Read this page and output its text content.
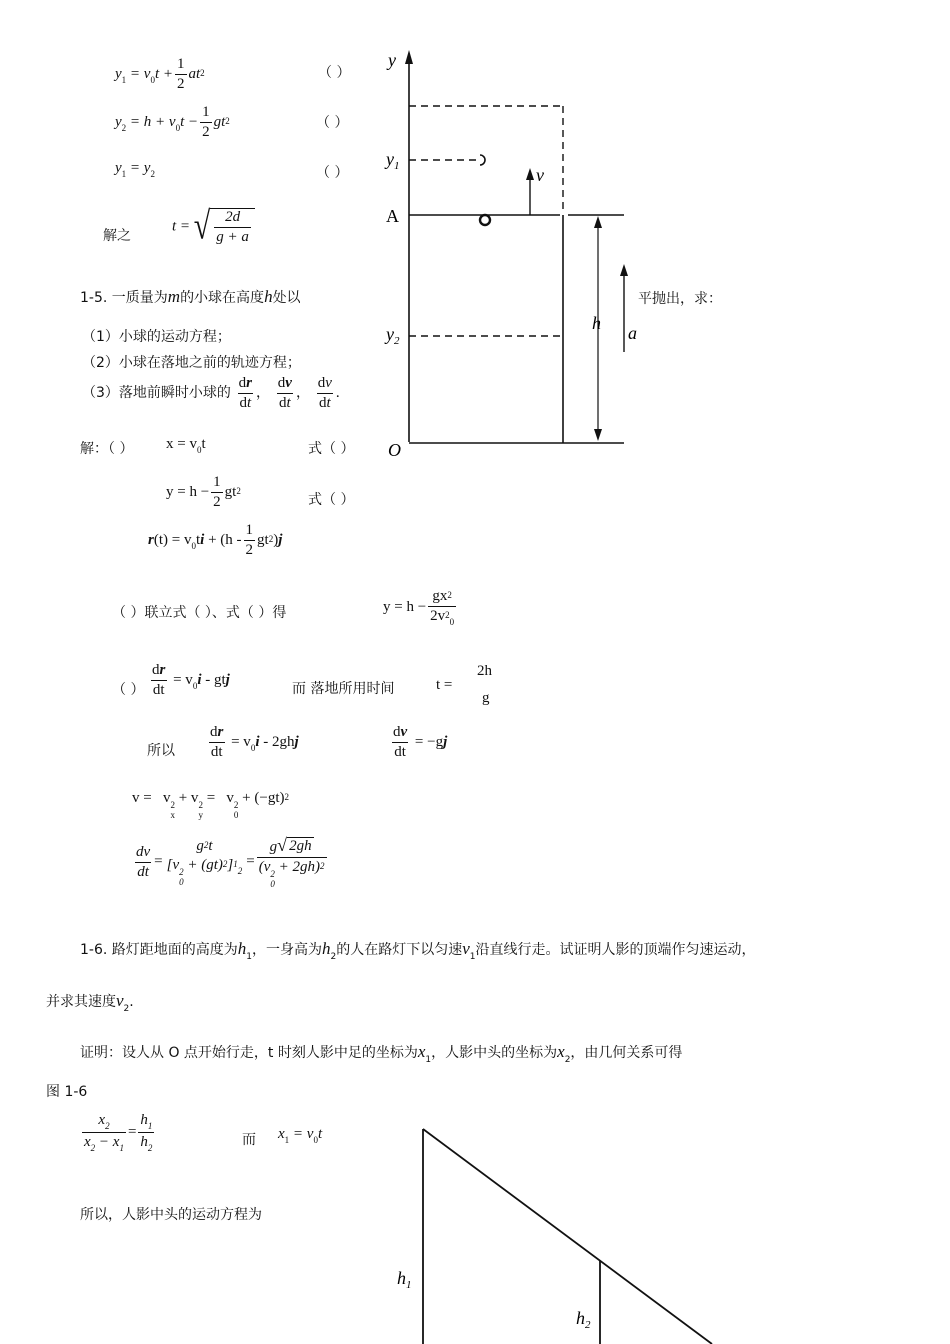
$y_1 = v_0t + \frac{1}{2} at^2$	（ ）
$y_2 = h + v_0t - \frac{1}{2} gt^2$	（ ）
$y_1 = y_2$	（ ）
解之
t = √ $\frac{2d}{g + a}$
1-5. 一质量为m的小球在高度h处以	平抛出，求：
（1）小球的运动方程；
（2）小球在落地之前的轨迹方程；
（3）落地前瞬时小球的 $\frac{dr}{dt}$ ， $\frac{dv}{dt}$ ， $\frac{dv}{dt}$ .
解：（ ） $x = v_0t$	式（ ）
$y = h - \frac{1}{2} gt^2$
式（ ）
$r(t) = v_0ti + (h - \frac{1}{2} gt^2)j$
（ ）联立式（ ）、式（ ）得	$y = h - \frac{gx^2}{2v^2_0}$
（ ） $\frac{dr}{dt} = v_0i$ - gtj
而 落地所用时间	t =
2h
g
所以 $\frac{dr}{dt} = v_0i - 2ghj$	$\frac{dv}{dt} = -gj$
v = v 2
x
+ v 2
y
= v 2
0
+ $(-gt)^2$
$\frac{dv}{dt}$ =
$g^2t$
[v 2
0
+ (gt)$^2$]$^1_2$
= g √ 2gh
(v 2
0
+ 2gh)$^2$
y
$y_1$	v
A
h a
$y_2$
O
1-6. 路灯距地面的高度为$h_1$，一身高为$h_2$的人在路灯下以匀速$v_1$沿直线行走。试证明人影的顶端作匀速运动，
并求其速度$v_2$.
证明：设人从 O 点开始行走，t 时刻人影中足的坐标为$x_1$，人影中头的坐标为$x_2$，由几何关系可得
图 1-6
$\frac{x_2}{x_2 - x_1} = \frac{h_1}{h_2}$	而 $x_1 = v_0t$
所以，人影中头的运动方程为
$h_1$
$h_2$
